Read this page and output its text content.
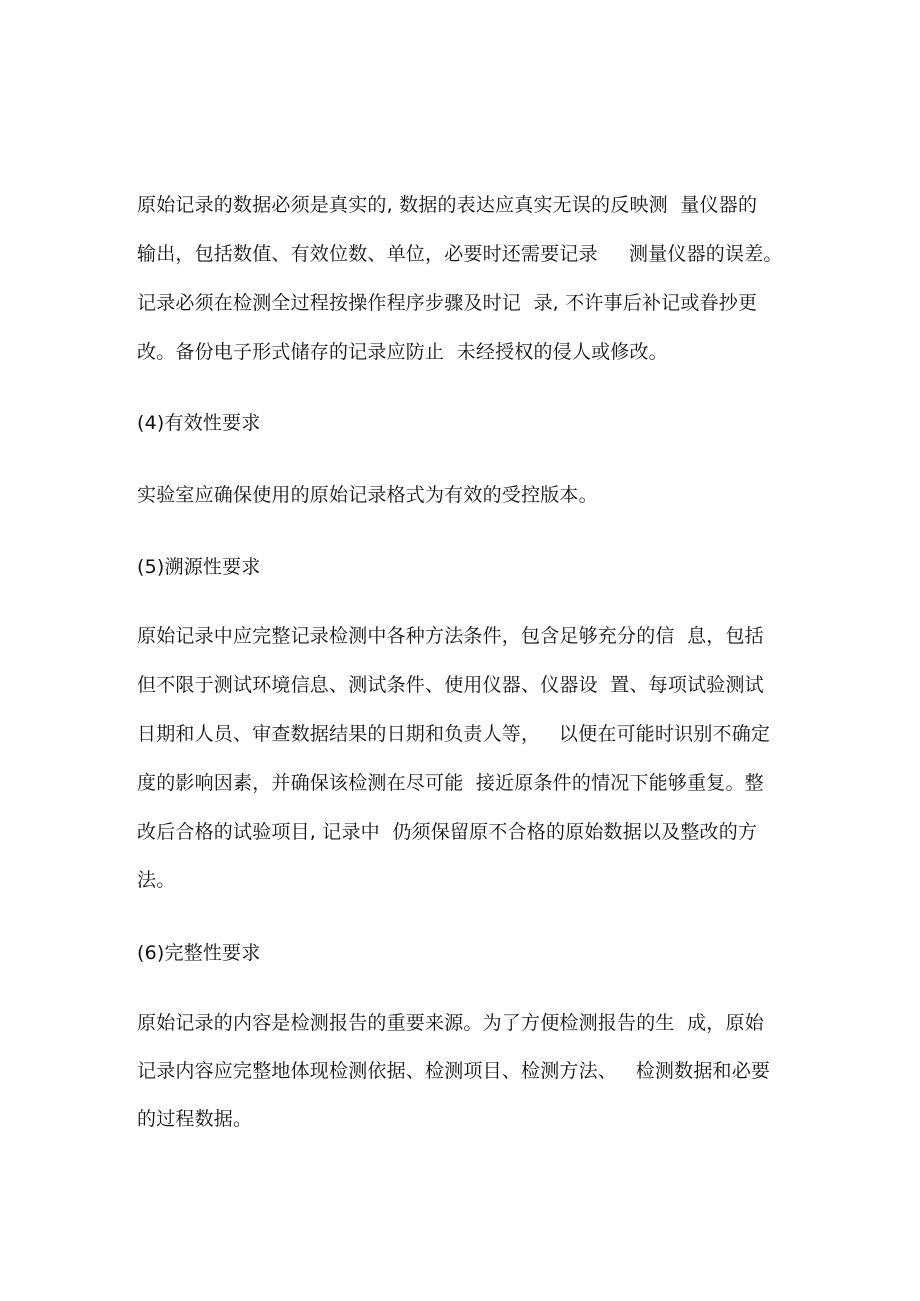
原始记录的数据必须是真实的, 数据的表达应真实无误的反映测  量仪器的
输出，包括数值、有效位数、单位，必要时还需要记录     测量仪器的误差。
记录必须在检测全过程按操作程序步骤及时记  录, 不许事后补记或眷抄更
改。备份电子形式储存的记录应防止  未经授权的侵人或修改。
(4)有效性要求
实验室应确保使用的原始记录格式为有效的受控版本。
(5)溯源性要求
原始记录中应完整记录检测中各种方法条件，包含足够充分的信  息，包括
但不限于测试环境信息、测试条件、使用仪器、仪器设  置、每项试验测试
日期和人员、审查数据结果的日期和负责人等，   以便在可能时识别不确定
度的影响因素，并确保该检测在尽可能  接近原条件的情况下能够重复。整
改后合格的试验项目, 记录中  仍须保留原不合格的原始数据以及整改的方
法。
(6)完整性要求
原始记录的内容是检测报告的重要来源。为了方便检测报告的生  成，原始
记录内容应完整地体现检测依据、检测项目、检测方法、   检测数据和必要
的过程数据。
